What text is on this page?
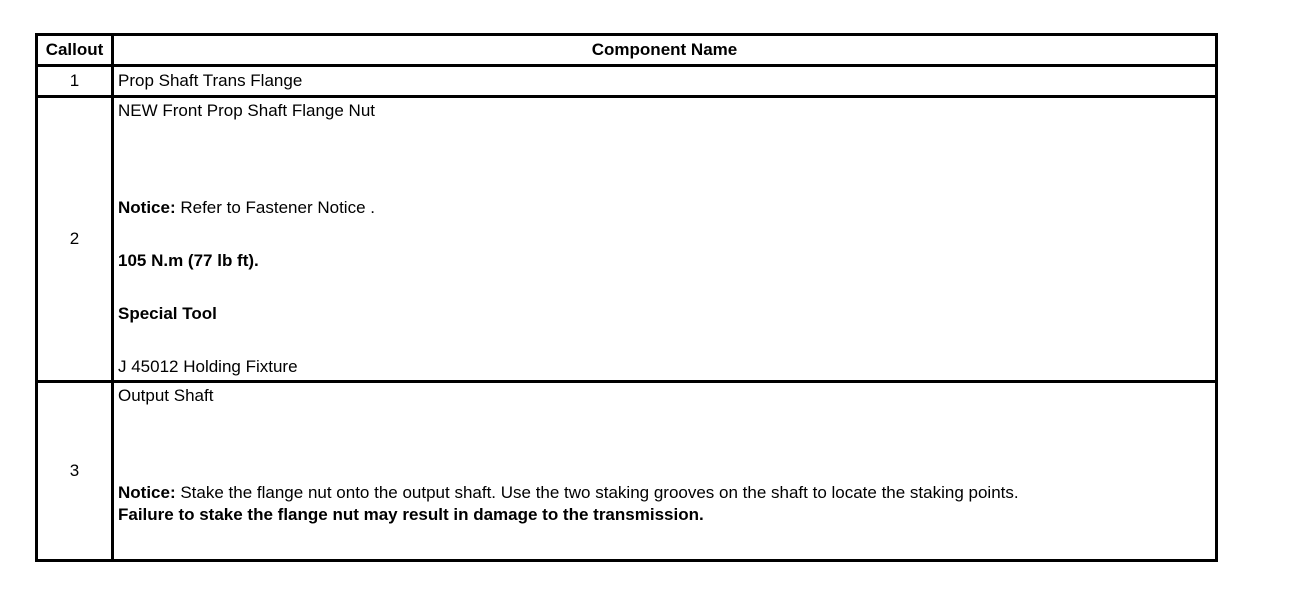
Callout	Component Name
1	Prop Shaft Trans Flange

2	NEW Front Prop Shaft Flange Nut
Notice: Refer to Fastener Notice .
105 N.m (77 lb ft).
Special Tool
J 45012 Holding Fixture

3	Output Shaft
Notice: Stake the flange nut onto the output shaft. Use the two staking grooves on the shaft to locate the staking points.
Failure to stake the flange nut may result in damage to the transmission.
